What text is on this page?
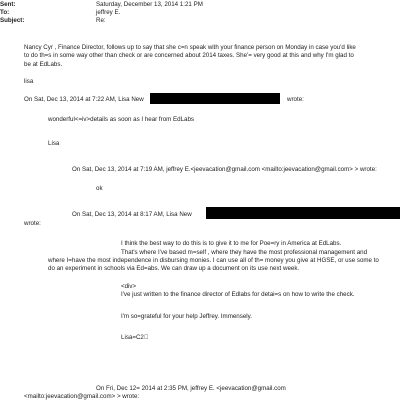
Sent:	Saturday, December 13, 2014 1:21 PM
To:	jeffrey E.
Subject:	Re:
Nancy Cyr , Finance Director, follows up to say that she c=n speak with your finance person on Monday in case you'd like
to do th=s in some way other than check or are concerned about 2014 taxes. She'= very good at this and why I'm glad to
be at EdLabs.
lisa
On Sat, Dec 13, 2014 at 7:22 AM, Lisa New	wrote:
wonderful<=iv>details as soon as I hear from EdLabs
Lisa
On Sat, Dec 13, 2014 at 7:19 AM, jeffrey E.<jeevacation@gmail.com <mailto:jeevacation@gmail.com> > wrote:
ok
On Sat, Dec 13, 2014 at 8:17 AM, Lisa New
wrote:
I think the best way to do this is to give it to me for Poe=ry in America at EdLabs.
That's where I've based m=self , where they have the most professional management and
where I=have the most independence in disbursing monies. I can use all of th= money you give at HGSE, or use some to
do an experiment in schools via Ed=abs. We can draw up a document on its use next week.
<div>
I've just written to the finance director of Edlabs for detai=s on how to write the check.
I'm so=grateful for your help Jeffrey. Immensely.
Lisa=C2 
On Fri, Dec 12= 2014 at 2:35 PM, jeffrey E. <jeevacation@gmail.com
<mailto:jeevacation@gmail.com> > wrote:
